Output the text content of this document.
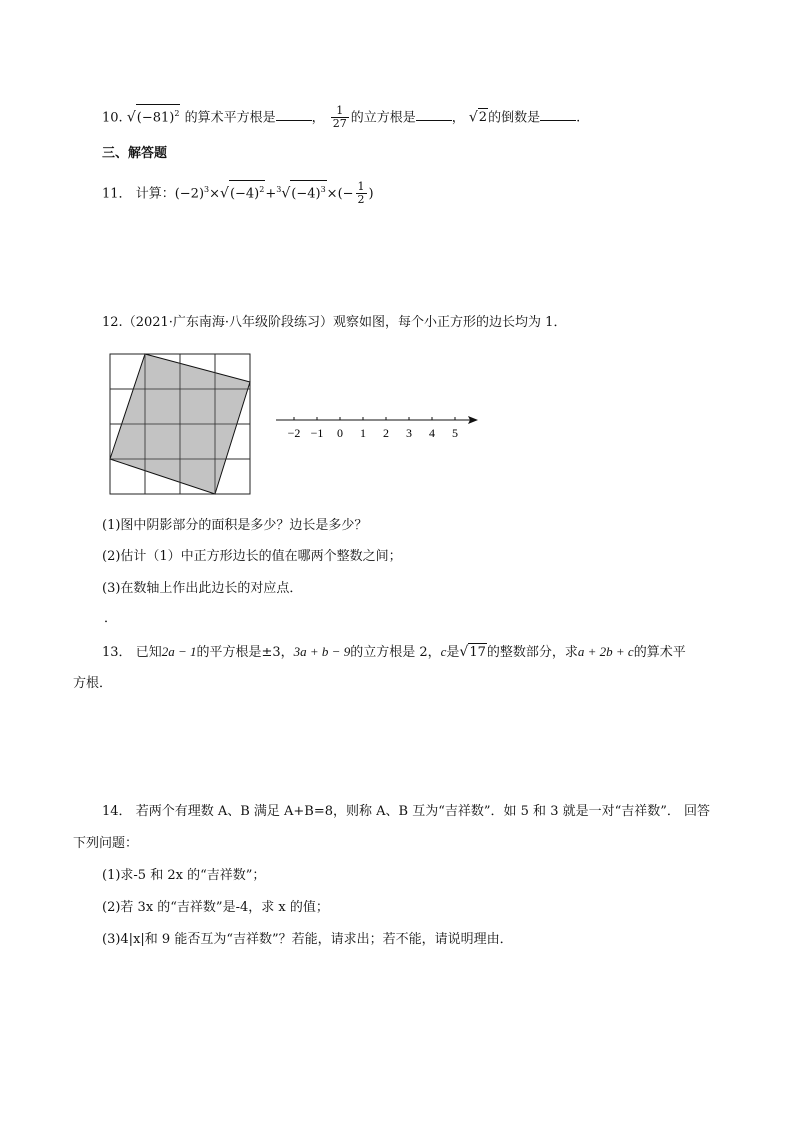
10. $√(-81)^2$ 的算术平方根是	， $\frac{1}{27}$ 的立方根是	， √2的倒数是	.
三、解答题
11． 计算：$(-2)^3\times√(-4)^2+^3√(-4)^3\times(- \frac{1}{2}$ )
12.（2021·广东南海·八年级阶段练习）观察如图，每个小正方形的边长均为 1．
−2 −1 0 1 2 3 4 5
(1)图中阴影部分的面积是多少？边长是多少？
(2)估计（1）中正方形边长的值在哪两个整数之间；
(3)在数轴上作出此边长的对应点．
．
13． 已知2a − 1的平方根是±3，3a + b − 9的立方根是 2，c是√17的整数部分，求a + 2b + c的算术平
方根．
14． 若两个有理数 A、B 满足 A+B=8，则称 A、B 互为“吉祥数”．如 5 和 3 就是一对“吉祥数”． 回答
下列问题：
(1)求-5 和 2x 的“吉祥数”；
(2)若 3x 的“吉祥数”是-4，求 x 的值；
(3)4|x|和 9 能否互为“吉祥数”？若能，请求出；若不能，请说明理由．
